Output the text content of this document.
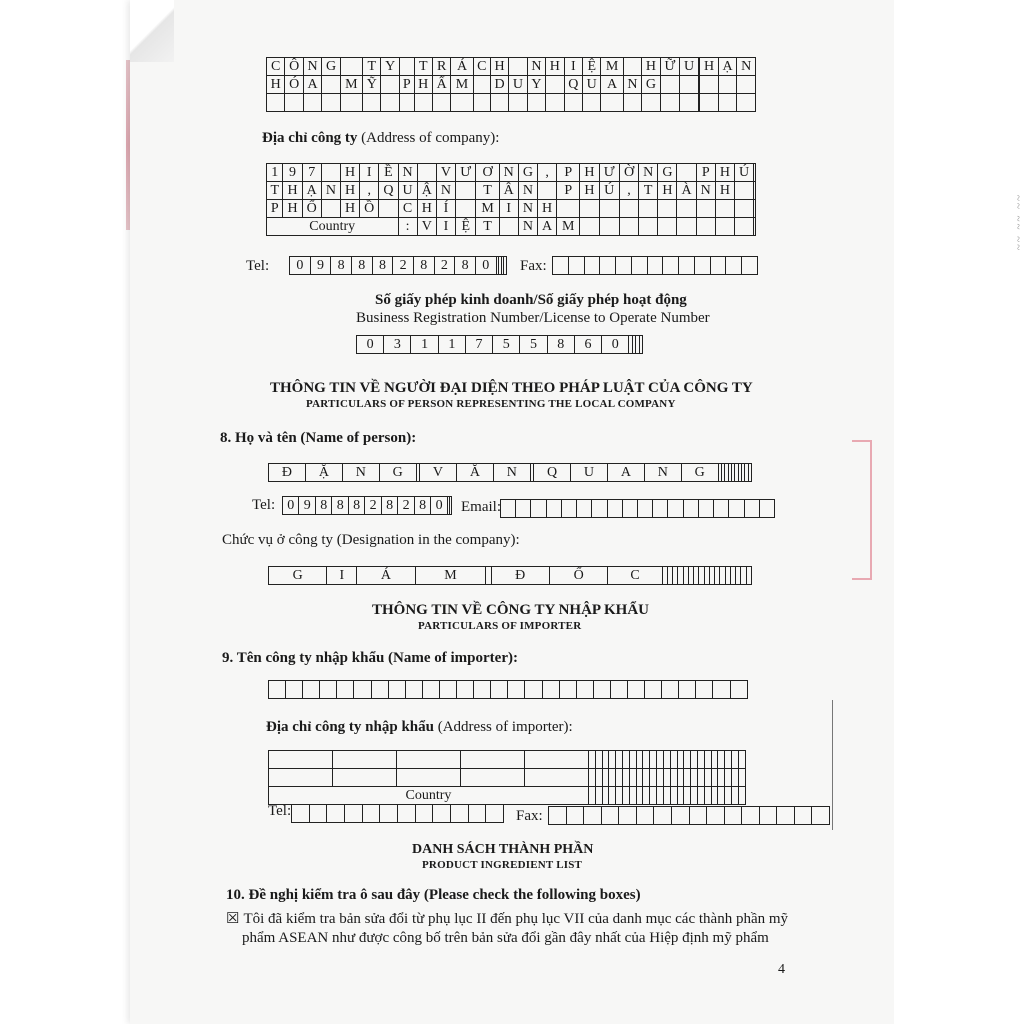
~~ ~~ ~~
C	Ô	N	G		T	Y		T	R	Á	C	H		N	H	I	Ệ	M		H	Ữ	U		H	Ạ	N
H	Ó	A		M	Ỹ		P	H	Ẩ	M		D	U	Y		Q	U	A	N	G						

Địa chỉ công ty (Address of company):
1	9	7		H	I	Ề	N		V	Ư	Ơ	N	G	,	P	H	Ư	Ờ	N	G		P	H	Ú	
T	H	Ạ	N	H	,	Q	U	Ậ	N		T	Â	N		P	H	Ú	,	T	H	À	N	H		
P	H	Ố		H	Ồ		C	H	Í		M	I	N	H											
Country							:	V	I	Ệ	T		N	A	M										
Tel: 0	9	8	8	8	2	8	2	8	0				Fax:

Số giấy phép kinh doanh/Số giấy phép hoạt động
Business Registration Number/License to Operate Number
0	3	1	1	7	5	5	8	6	0				
THÔNG TIN VỀ NGƯỜI ĐẠI DIỆN THEO PHÁP LUẬT CỦA CÔNG TY
PARTICULARS OF PERSON REPRESENTING THE LOCAL COMPANY
8. Họ và tên (Name of person):
Đ	Ặ	N	G		V	Ă	N		Q	U	A	N	G										
Tel: 0	9	8	8	8	2	8	2	8	0		Email:

Chức vụ ở công ty (Designation in the company):
G	I	Á	M		Đ	Ố	C																	
THÔNG TIN VỀ CÔNG TY NHẬP KHẨU
PARTICULARS OF IMPORTER
9. Tên công ty nhập khẩu (Name of importer):

Địa chỉ công ty nhập khẩu (Address of importer):

Country																											
Tel:
												Fax:

DANH SÁCH THÀNH PHẦN
PRODUCT INGREDIENT LIST
10. Đề nghị kiểm tra ô sau đây (Please check the following boxes)
☒ Tôi đã kiểm tra bản sửa đổi từ phụ lục II đến phụ lục VII của danh mục các thành phần mỹ
phẩm ASEAN như được công bố trên bản sửa đổi gần đây nhất của Hiệp định mỹ phẩm
4
